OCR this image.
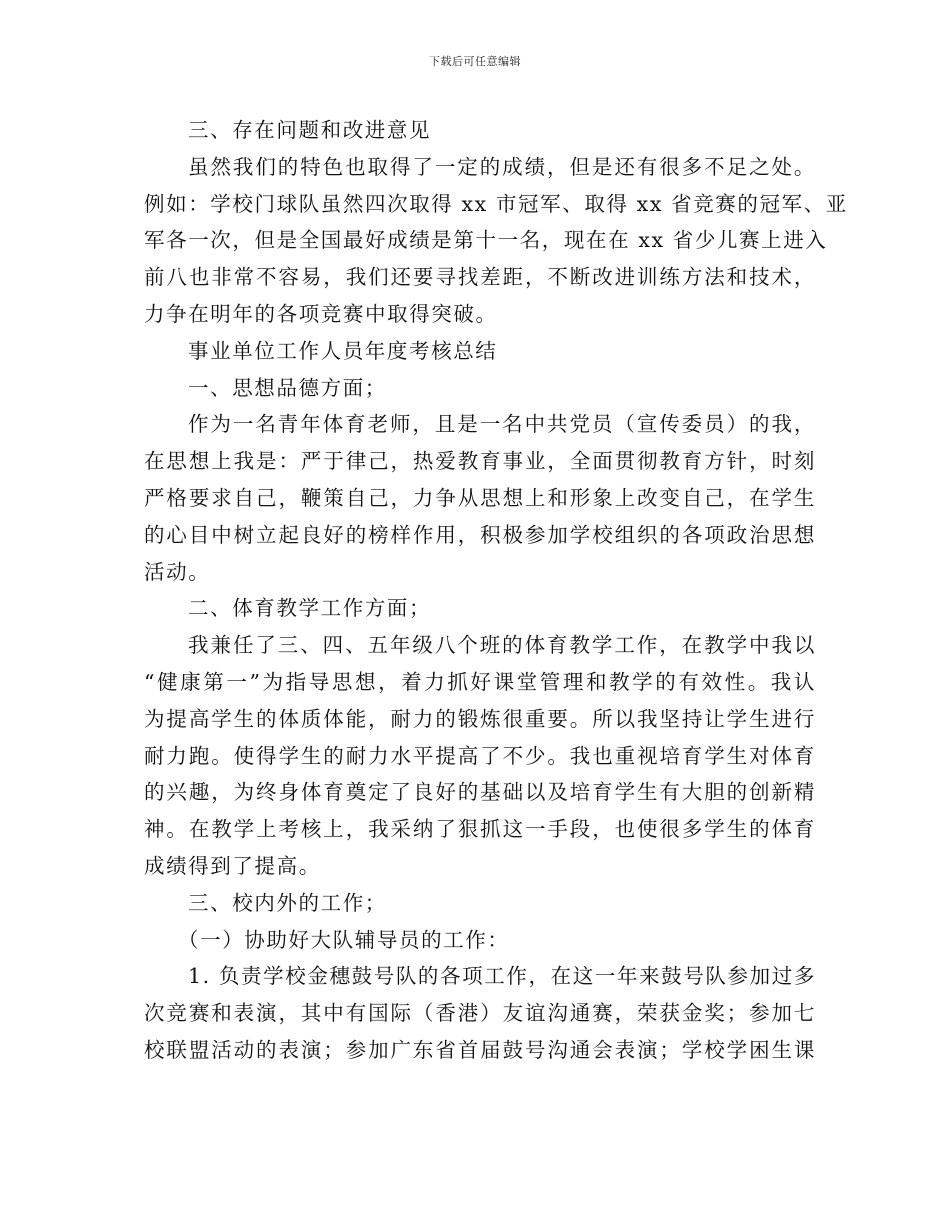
下载后可任意编辑
三、存在问题和改进意见
虽然我们的特色也取得了一定的成绩，但是还有很多不足之处。
例如：学校门球队虽然四次取得 xx 市冠军、取得 xx 省竞赛的冠军、亚
军各一次，但是全国最好成绩是第十一名，现在在 xx 省少儿赛上进入
前八也非常不容易，我们还要寻找差距，不断改进训练方法和技术，
力争在明年的各项竞赛中取得突破。
事业单位工作人员年度考核总结
一、思想品德方面；
作为一名青年体育老师，且是一名中共党员（宣传委员）的我，
在思想上我是：严于律己，热爱教育事业，全面贯彻教育方针，时刻
严格要求自己，鞭策自己，力争从思想上和形象上改变自己，在学生
的心目中树立起良好的榜样作用，积极参加学校组织的各项政治思想
活动。
二、体育教学工作方面；
我兼任了三、四、五年级八个班的体育教学工作，在教学中我以
“健康第一”为指导思想，着力抓好课堂管理和教学的有效性。我认
为提高学生的体质体能，耐力的锻炼很重要。所以我坚持让学生进行
耐力跑。使得学生的耐力水平提高了不少。我也重视培育学生对体育
的兴趣，为终身体育奠定了良好的基础以及培育学生有大胆的创新精
神。在教学上考核上，我采纳了狠抓这一手段，也使很多学生的体育
成绩得到了提高。
三、校内外的工作；
（一）协助好大队辅导员的工作：
1. 负责学校金穗鼓号队的各项工作，在这一年来鼓号队参加过多
次竞赛和表演，其中有国际（香港）友谊沟通赛，荣获金奖；参加七
校联盟活动的表演；参加广东省首届鼓号沟通会表演；学校学困生课
